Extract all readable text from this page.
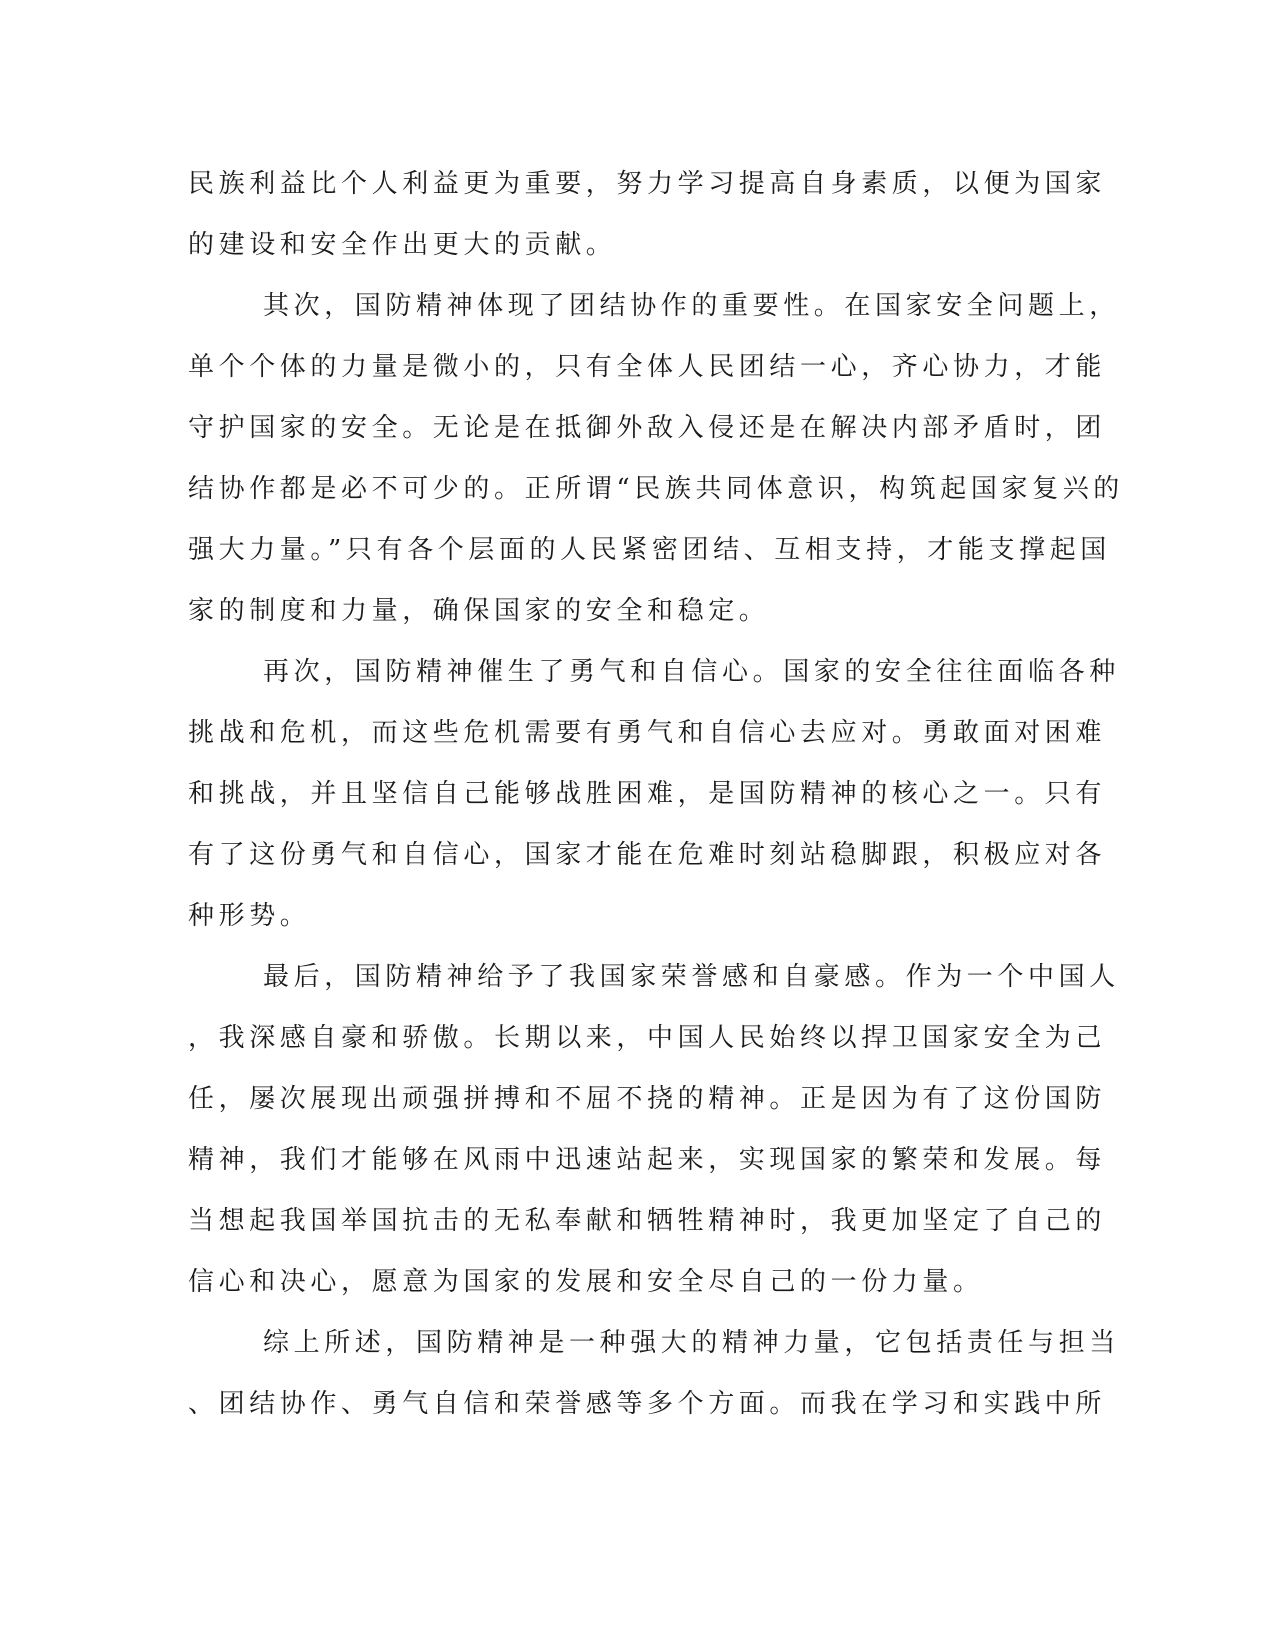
民族利益比个人利益更为重要，努力学习提高自身素质，以便为国家

的建设和安全作出更大的贡献。

其次，国防精神体现了团结协作的重要性。在国家安全问题上，

单个个体的力量是微小的，只有全体人民团结一心，齐心协力，才能

守护国家的安全。无论是在抵御外敌入侵还是在解决内部矛盾时，团

结协作都是必不可少的。正所谓“民族共同体意识，构筑起国家复兴的

强大力量。”只有各个层面的人民紧密团结、互相支持，才能支撑起国

家的制度和力量，确保国家的安全和稳定。

再次，国防精神催生了勇气和自信心。国家的安全往往面临各种

挑战和危机，而这些危机需要有勇气和自信心去应对。勇敢面对困难

和挑战，并且坚信自己能够战胜困难，是国防精神的核心之一。只有

有了这份勇气和自信心，国家才能在危难时刻站稳脚跟，积极应对各

种形势。

最后，国防精神给予了我国家荣誉感和自豪感。作为一个中国人

，我深感自豪和骄傲。长期以来，中国人民始终以捍卫国家安全为己

任，屡次展现出顽强拼搏和不屈不挠的精神。正是因为有了这份国防

精神，我们才能够在风雨中迅速站起来，实现国家的繁荣和发展。每

当想起我国举国抗击的无私奉献和牺牲精神时，我更加坚定了自己的

信心和决心，愿意为国家的发展和安全尽自己的一份力量。

综上所述，国防精神是一种强大的精神力量，它包括责任与担当

、团结协作、勇气自信和荣誉感等多个方面。而我在学习和实践中所
